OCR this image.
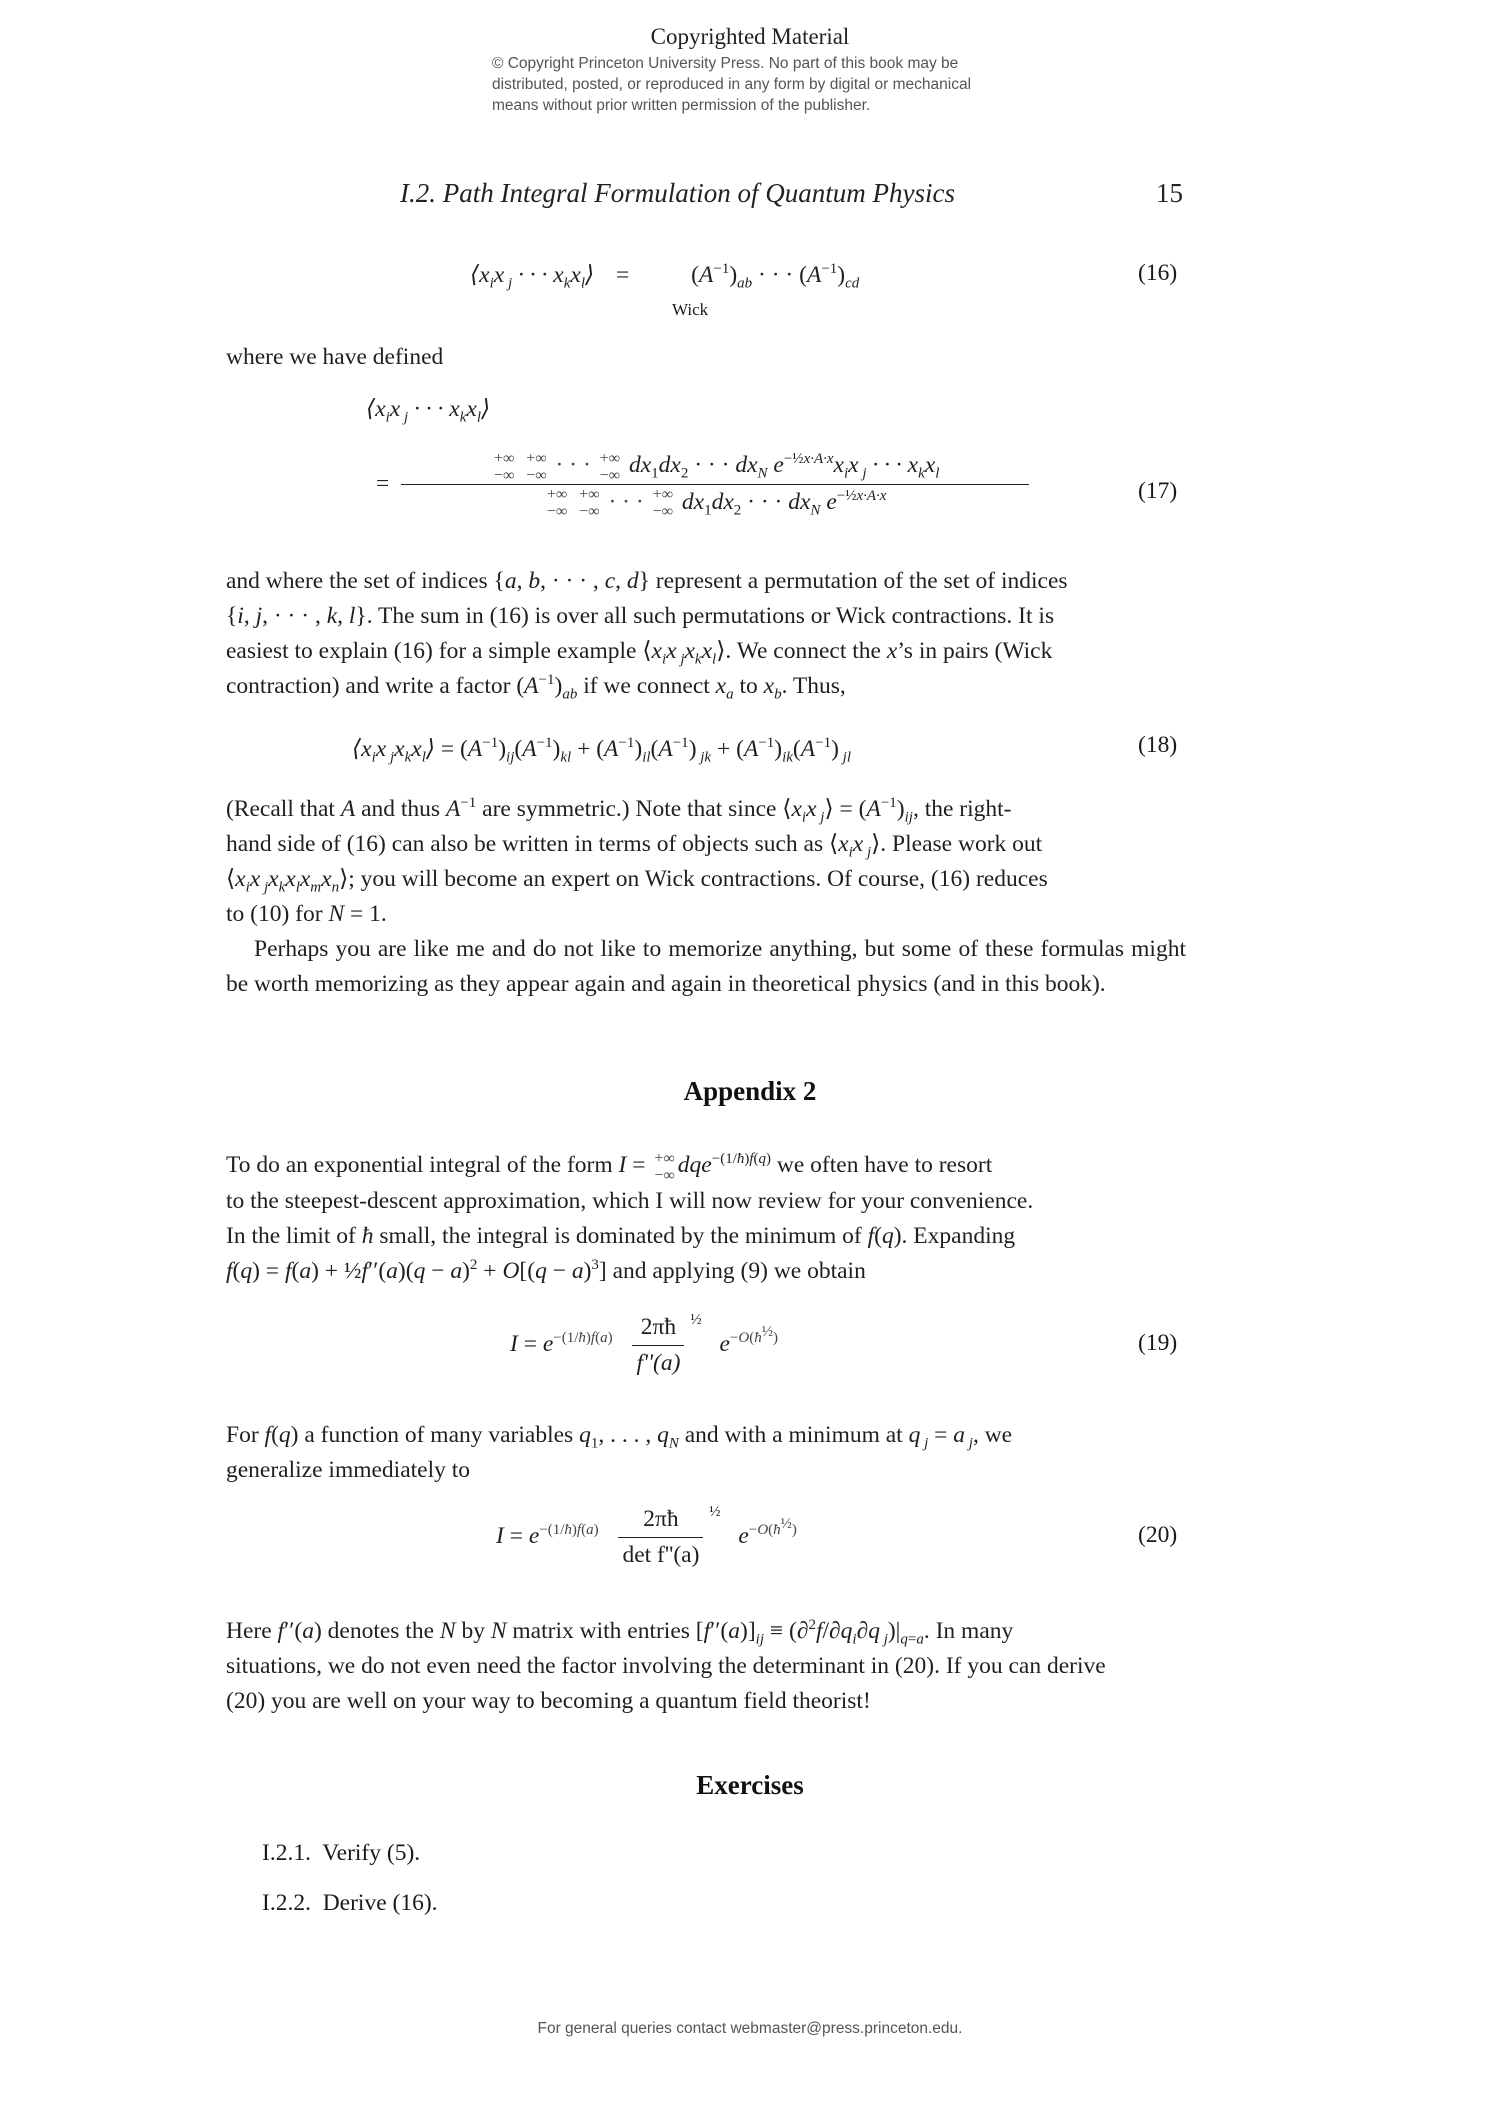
Copyrighted Material
© Copyright Princeton University Press. No part of this book may be
distributed, posted, or reproduced in any form by digital or mechanical
means without prior written permission of the publisher.
I.2. Path Integral Formulation of Quantum Physics	15
$⟨x_ix$ $_j$ · · · $x_kx_l⟩$ =	$(A^{-1})_{ab}$ · · · $(A^{-1})_{cd}$
Wick
(16)
where we have defined
$⟨x_ix$ $_j$ · · · $x_kx_l⟩$
=
+∞
−∞ +∞
−∞ · · · +∞
−∞ $dx_1dx_2$ · · · $dx_N$ $e^{-\frac{1}{2}x\cdot A\cdot x}x_ix$ $_j$ · · · $x_kx_l$
+∞
−∞ +∞
−∞ · · · +∞
−∞ $dx_1dx_2$ · · · $dx_N$ $e^{-\frac{1}{2}x\cdot A\cdot x}$	(17)
and where the set of indices {a, b, · · · , c, d} represent a permutation of the set of indices
{i, j, · · · , k, l}. The sum in (16) is over all such permutations or Wick contractions. It is
easiest to explain (16) for a simple example $⟨x_ix$ $_jx_kx_l⟩$. We connect the x’s in pairs (Wick
contraction) and write a factor $(A^{-1})_{ab}$ if we connect $x_a$ to $x_b$. Thus,
$⟨x_ix$ $_jx_kx_l⟩ = (A^{-1})_{ij}(A^{-1})_{kl} + (A^{-1})_{il}(A^{-1}) _{jk} + (A^{-1})_{ik}(A^{-1})$ $_{jl}$	(18)
(Recall that A and thus $A^{-1}$ are symmetric.) Note that since $⟨x_ix$ $_j$⟩ = $(A^{-1})_{ij}$, the right-
hand side of (16) can also be written in terms of objects such as $⟨x_ix$ $_j$⟩. Please work out
$⟨x_ix$ $_jx_kx_lx_mx_n⟩$; you will become an expert on Wick contractions. Of course, (16) reduces
to (10) for N = 1.
Perhaps you are like me and do not like to memorize anything, but some of these formulas might be worth memorizing as they appear again and again in theoretical physics (and in this book).
Appendix 2
To do an exponential integral of the form I = +∞
−∞ dqe$^{-(1/ħ)f(q)}$ we often have to resort
to the steepest-descent approximation, which I will now review for your convenience.
In the limit of ħ small, the integral is dominated by the minimum of f(q). Expanding
f(q) = f(a) + ½f′′(a)(q − $a)^2 + O[(q - a)^3]$ and applying (9) we obtain
$I = e^{-(1/ħ)f(a)} \frac{2\pi ħ}{f''(a)} ^{\frac{1}{2}}$ $e^{-O(ħ^{\frac{1}{2}})}$	(19)
For f(q) a function of many variables $q_1$, . . . , $q_N$ and with a minimum at q $_j$ = a $_j$, we
generalize immediately to
$I = e^{-(1/ħ)f(a)} \frac{2\pi ħ}{\text{det f''(a)}} ^{\frac{1}{2}}$ $e^{-O(ħ^{\frac{1}{2}})}$	(20)
Here f′′(a) denotes the N by N matrix with entries $[f''(a)]_{ij} \equiv (\partial^2f/\partial q_i\partial q$ $_j)|_{q=a}$. In many
situations, we do not even need the factor involving the determinant in (20). If you can derive
(20) you are well on your way to becoming a quantum field theorist!
Exercises
I.2.1. Verify (5).
I.2.2. Derive (16).
For general queries contact webmaster@press.princeton.edu.
